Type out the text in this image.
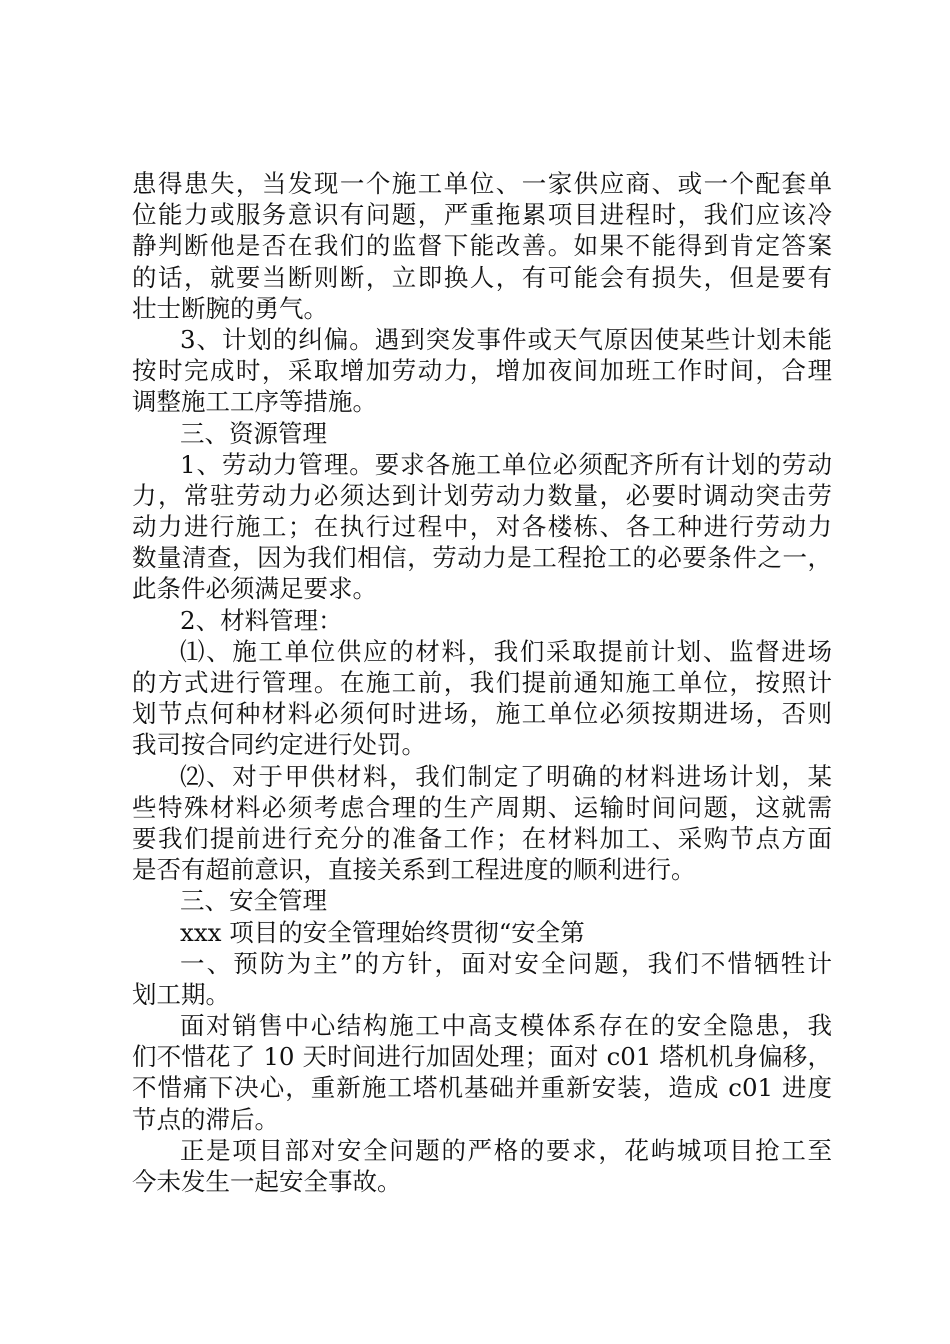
患得患失，当发现一个施工单位、一家供应商、或一个配套单
位能力或服务意识有问题，严重拖累项目进程时，我们应该冷
静判断他是否在我们的监督下能改善。如果不能得到肯定答案
的话，就要当断则断，立即换人，有可能会有损失，但是要有
壮士断腕的勇气。
3、计划的纠偏。遇到突发事件或天气原因使某些计划未能
按时完成时，采取增加劳动力，增加夜间加班工作时间，合理
调整施工工序等措施。
三、资源管理
1、劳动力管理。要求各施工单位必须配齐所有计划的劳动
力，常驻劳动力必须达到计划劳动力数量，必要时调动突击劳
动力进行施工；在执行过程中，对各楼栋、各工种进行劳动力
数量清查，因为我们相信，劳动力是工程抢工的必要条件之一，
此条件必须满足要求。
2、材料管理：
⑴、施工单位供应的材料，我们采取提前计划、监督进场
的方式进行管理。在施工前，我们提前通知施工单位，按照计
划节点何种材料必须何时进场，施工单位必须按期进场，否则
我司按合同约定进行处罚。
⑵、对于甲供材料，我们制定了明确的材料进场计划，某
些特殊材料必须考虑合理的生产周期、运输时间问题，这就需
要我们提前进行充分的准备工作；在材料加工、采购节点方面
是否有超前意识，直接关系到工程进度的顺利进行。
三、安全管理
xxx 项目的安全管理始终贯彻“安全第
一、预防为主”的方针，面对安全问题，我们不惜牺牲计
划工期。
面对销售中心结构施工中高支模体系存在的安全隐患，我
们不惜花了 10 天时间进行加固处理；面对 c01 塔机机身偏移，
不惜痛下决心，重新施工塔机基础并重新安装，造成 c01 进度
节点的滞后。
正是项目部对安全问题的严格的要求，花屿城项目抢工至
今未发生一起安全事故。
